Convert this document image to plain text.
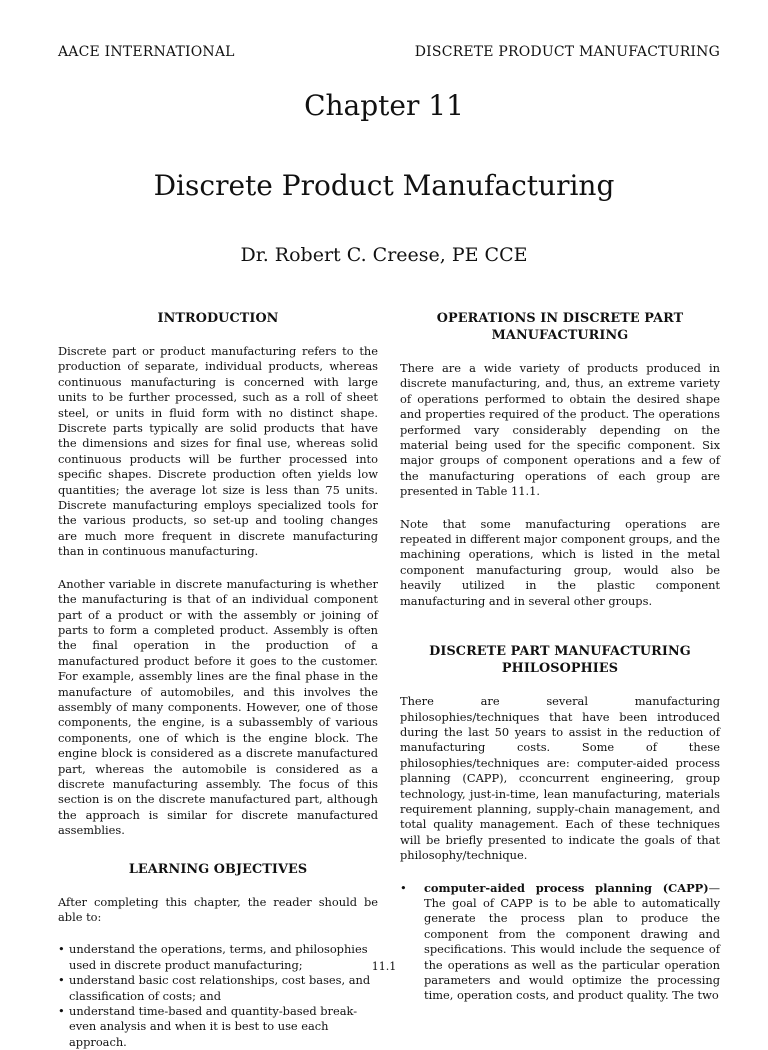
AACE INTERNATIONAL	DISCRETE PRODUCT MANUFACTURING
Chapter 11
Discrete Product Manufacturing
Dr. Robert C. Creese, PE CCE
INTRODUCTION

Discrete part or product manufacturing refers to the production of separate, individual products, whereas continuous manufacturing is concerned with large units to be further processed, such as a roll of sheet steel, or units in fluid form with no distinct shape. Discrete parts typically are solid products that have the dimensions and sizes for final use, whereas solid continuous products will be further processed into specific shapes. Discrete production often yields low quantities; the average lot size is less than 75 units. Discrete manufacturing employs specialized tools for the various products, so set-up and tooling changes are much more frequent in discrete manufacturing than in continuous manufacturing.

Another variable in discrete manufacturing is whether the manufacturing is that of an individual component part of a product or with the assembly or joining of parts to form a completed product. Assembly is often the final operation in the production of a manufactured product before it goes to the customer. For example, assembly lines are the final phase in the manufacture of automobiles, and this involves the assembly of many components. However, one of those components, the engine, is a subassembly of various components, one of which is the engine block. The engine block is considered as a discrete manufactured part, whereas the automobile is considered as a discrete manufacturing assembly. The focus of this section is on the discrete manufactured part, although the approach is similar for discrete manufactured assemblies.

LEARNING OBJECTIVES

After completing this chapter, the reader should be able to:

• understand the operations, terms, and philosophies used in discrete product manufacturing;
• understand basic cost relationships, cost bases, and classification of costs; and
• understand time-based and quantity-based break-even analysis and when it is best to use each approach.
OPERATIONS IN DISCRETE PART MANUFACTURING

There are a wide variety of products produced in discrete manufacturing, and, thus, an extreme variety of operations performed to obtain the desired shape and properties required of the product. The operations performed vary considerably depending on the material being used for the specific component. Six major groups of component operations and a few of the manufacturing operations of each group are presented in Table 11.1.

Note that some manufacturing operations are repeated in different major component groups, and the machining operations, which is listed in the metal component manufacturing group, would also be heavily utilized in the plastic component manufacturing and in several other groups.

DISCRETE PART MANUFACTURING PHILOSOPHIES

There are several manufacturing philosophies/techniques that have been introduced during the last 50 years to assist in the reduction of manufacturing costs. Some of these philosophies/techniques are: computer-aided process planning (CAPP), cconcurrent engineering, group technology, just-in-time, lean manufacturing, materials requirement planning, supply-chain management, and total quality management. Each of these techniques will be briefly presented to indicate the goals of that philosophy/technique.

• computer-aided process planning (CAPP)—The goal of CAPP is to be able to automatically generate the process plan to produce the component from the component drawing and specifications. This would include the sequence of the operations as well as the particular operation parameters and would optimize the processing time, operation costs, and product quality. The two
11.1
